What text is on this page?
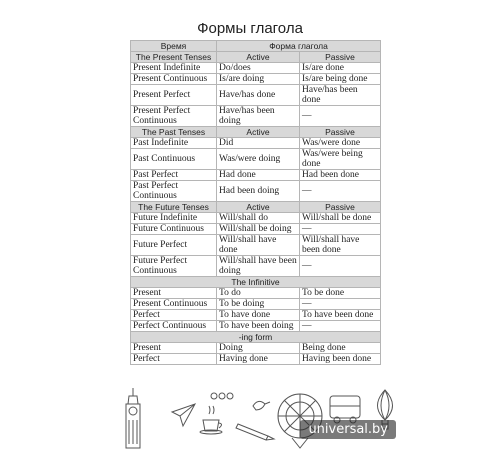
Формы глагола
Время	Форма глагола	
The Present Tenses	Active	Passive
Present Indefinite	Do/does	Is/are done
Present Continuous	Is/are doing	Is/are being done
Present Perfect	Have/has done	Have/has been done
Present Perfect Continuous	Have/has been doing	—
The Past Tenses	Active	Passive
Past Indefinite	Did	Was/were done
Past Continuous	Was/were doing	Was/were being done
Past Perfect	Had done	Had been done
Past Perfect Continuous	Had been doing	—
The Future Tenses	Active	Passive
Future Indefinite	Will/shall do	Will/shall be done
Future Continuous	Will/shall be doing	—
Future Perfect	Will/shall have done	Will/shall have been done
Future Perfect Continuous	Will/shall have been doing	—
The Infinitive		
Present	To do	To be done
Present Continuous	To be doing	—
Perfect	To have done	To have been done
Perfect Continuous	To have been doing	—
-ing form		
Present	Doing	Being done
Perfect	Having done	Having been done
universal.by
